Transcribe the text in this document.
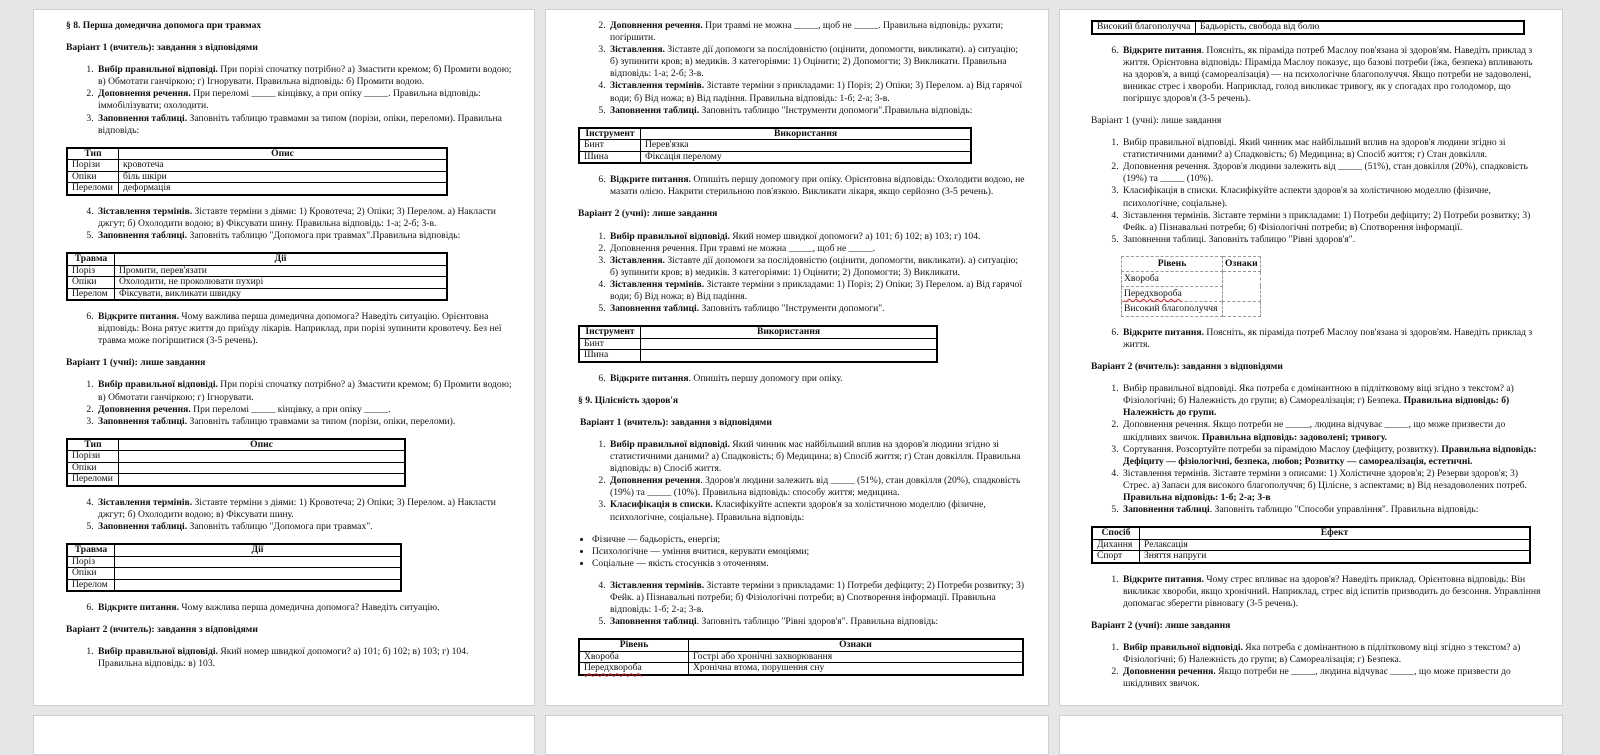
§ 8. Перша домедична допомога при травмах
Варіант 1 (вчитель): завдання з відповідями
1. Вибір правильної відповіді. При порізі спочатку потрібно? а) Змастити кремом; б) Промити водою; в) Обмотати ганчіркою; г) Ігнорувати. Правильна відповідь: б) Промити водою.
2. Доповнення речення. При переломі _____ кінцівку, а при опіку _____. Правильна відповідь: іммобілізувати; охолодити.
3. Заповнення таблиці. Заповніть таблицю травмами за типом (порізи, опіки, переломи). Правильна відповідь:
Тип	Опис
Порізи	кровотеча
Опіки	біль шкіри
Переломи	деформація
4. Зіставлення термінів. Зіставте терміни з діями: 1) Кровотеча; 2) Опіки; 3) Перелом. а) Накласти джгут; б) Охолодити водою; в) Фіксувати шину. Правильна відповідь: 1-а; 2-б; 3-в.
5. Заповнення таблиці. Заповніть таблицю "Допомога при травмах".Правильна відповідь:
Травма	Дії
Поріз	Промити, перев'язати
Опіки	Охолодити, не проколювати пухирі
Перелом	Фіксувати, викликати швидку
6. Відкрите питання. Чому важлива перша домедична допомога? Наведіть ситуацію. Орієнтовна відповідь: Вона рятує життя до приїзду лікарів. Наприклад, при порізі зупинити кровотечу. Без неї травма може погіршитися (3-5 речень).
Варіант 1 (учні): лише завдання
1. Вибір правильної відповіді. При порізі спочатку потрібно? а) Змастити кремом; б) Промити водою; в) Обмотати ганчіркою; г) Ігнорувати.
2. Доповнення речення. При переломі _____ кінцівку, а при опіку _____.
3. Заповнення таблиці. Заповніть таблицю травмами за типом (порізи, опіки, переломи).
Тип	Опис
Порізи	
Опіки	
Переломи	
4. Зіставлення термінів. Зіставте терміни з діями: 1) Кровотеча; 2) Опіки; 3) Перелом. а) Накласти джгут; б) Охолодити водою; в) Фіксувати шину.
5. Заповнення таблиці. Заповніть таблицю "Допомога при травмах".
Травма	Дії
Поріз	
Опіки	
Перелом	
6. Відкрите питання. Чому важлива перша домедична допомога? Наведіть ситуацію.
Варіант 2 (вчитель): завдання з відповідями
1. Вибір правильної відповіді. Який номер швидкої допомоги? а) 101; б) 102; в) 103; г) 104. Правильна відповідь: в) 103.
2. Доповнення речення. При травмі не можна _____, щоб не _____. Правильна відповідь: рухати; погіршити.
3. Зіставлення. Зіставте дії допомоги за послідовністю (оцінити, допомогти, викликати). а) ситуацію; б) зупинити кров; в) медиків. З категоріями: 1) Оцінити; 2) Допомогти; 3) Викликати. Правильна відповідь: 1-а; 2-б; 3-в.
4. Зіставлення термінів. Зіставте терміни з прикладами: 1) Поріз; 2) Опіки; 3) Перелом. а) Від гарячої води; б) Від ножа; в) Від падіння. Правильна відповідь: 1-б; 2-а; 3-в.
5. Заповнення таблиці. Заповніть таблицю "Інструменти допомоги".Правильна відповідь:
Інструмент	Використання
Бинт	Перев'язка
Шина	Фіксація перелому
6. Відкрите питання. Опишіть першу допомогу при опіку. Орієнтовна відповідь: Охолодити водою, не мазати олією. Накрити стерильною пов'язкою. Викликати лікаря, якщо серйозно (3-5 речень).
Варіант 2 (учні): лише завдання
1. Вибір правильної відповіді. Який номер швидкої допомоги? а) 101; б) 102; в) 103; г) 104.
2. Доповнення речення. При травмі не можна _____, щоб не _____.
3. Зіставлення. Зіставте дії допомоги за послідовністю (оцінити, допомогти, викликати). а) ситуацію; б) зупинити кров; в) медиків. З категоріями: 1) Оцінити; 2) Допомогти; 3) Викликати.
4. Зіставлення термінів. Зіставте терміни з прикладами: 1) Поріз; 2) Опіки; 3) Перелом. а) Від гарячої води; б) Від ножа; в) Від падіння.
5. Заповнення таблиці. Заповніть таблицю "Інструменти допомоги".
Інструмент	Використання
Бинт	
Шина	
6. Відкрите питання. Опишіть першу допомогу при опіку.
§ 9. Цілісність здоров'я
Варіант 1 (вчитель): завдання з відповідями
1. Вибір правильної відповіді. Який чинник має найбільший вплив на здоров'я людини згідно зі статистичними даними? а) Спадковість; б) Медицина; в) Спосіб життя; г) Стан довкілля. Правильна відповідь: в) Спосіб життя.
2. Доповнення речення. Здоров'я людини залежить від _____ (51%), стан довкілля (20%), спадковість (19%) та _____ (10%). Правильна відповідь: способу життя; медицина.
3. Класифікація в списки. Класифікуйте аспекти здоров'я за холістичною моделлю (фізичне, психологічне, соціальне). Правильна відповідь:
• Фізичне — бадьорість, енергія;
• Психологічне — уміння вчитися, керувати емоціями;
• Соціальне — якість стосунків з оточенням.
4. Зіставлення термінів. Зіставте терміни з прикладами: 1) Потреби дефіциту; 2) Потреби розвитку; 3) Фейк. а) Пізнавальні потреби; б) Фізіологічні потреби; в) Спотворення інформації. Правильна відповідь: 1-б; 2-а; 3-в.
5. Заповнення таблиці. Заповніть таблицю "Рівні здоров'я". Правильна відповідь:
Рівень	Ознаки
Хвороба	Гострі або хронічні захворювання
Передхвороба	Хронічна втома, порушення сну
Високий благополучча	Бадьорість, свобода від болю
6. Відкрите питання. Поясніть, як піраміда потреб Маслоу пов'язана зі здоров'ям. Наведіть приклад з життя. Орієнтовна відповідь: Піраміда Маслоу показує, що базові потреби (їжа, безпека) впливають на здоров'я, а вищі (самореалізація) — на психологічне благополуччя. Якщо потреби не задоволені, виникає стрес і хвороби. Наприклад, голод викликає тривогу, як у спогадах про голодомор, що погіршує здоров'я (3-5 речень).
Варіант 1 (учні): лише завдання
1. Вибір правильної відповіді. Який чинник має найбільший вплив на здоров'я людини згідно зі статистичними даними? а) Спадковість; б) Медицина; в) Спосіб життя; г) Стан довкілля.
2. Доповнення речення. Здоров'я людини залежить від _____ (51%), стан довкілля (20%), спадковість (19%) та _____ (10%).
3. Класифікація в списки. Класифікуйте аспекти здоров'я за холістичною моделлю (фізичне, психологічне, соціальне).
4. Зіставлення термінів. Зіставте терміни з прикладами: 1) Потреби дефіциту; 2) Потреби розвитку; 3) Фейк. а) Пізнавальні потреби; б) Фізіологічні потреби; в) Спотворення інформації.
5. Заповнення таблиці. Заповніть таблицю "Рівні здоров'я".
Рівень	Ознаки
Хвороба	
Передхвороба	
Високий благополуччя	
6. Відкрите питання. Поясніть, як піраміда потреб Маслоу пов'язана зі здоров'ям. Наведіть приклад з життя.
Варіант 2 (вчитель): завдання з відповідями
1. Вибір правильної відповіді. Яка потреба є домінантною в підлітковому віці згідно з текстом? а) Фізіологічні; б) Належність до групи; в) Самореалізація; г) Безпека. Правильна відповідь: б) Належність до групи.
2. Доповнення речення. Якщо потреби не _____, людина відчуває _____, що може призвести до шкідливих звичок. Правильна відповідь: задоволені; тривогу.
3. Сортування. Розсортуйте потреби за пірамідою Маслоу (дефіциту, розвитку). Правильна відповідь: Дефіциту — фізіологічні, безпека, любов; Розвитку — самореалізація, естетичні.
4. Зіставлення термінів. Зіставте терміни з описами: 1) Холістичне здоров'я; 2) Резерви здоров'я; 3) Стрес. а) Запаси для високого благополуччя; б) Цілісне, з аспектами; в) Від незадоволених потреб. Правильна відповідь: 1-б; 2-а; 3-в
5. Заповнення таблиці. Заповніть таблицю "Способи управління". Правильна відповідь:
Спосіб	Ефект
Дихання	Релаксація
Спорт	Зняття напруги
1. Відкрите питання. Чому стрес впливає на здоров'я? Наведіть приклад. Орієнтовна відповідь: Він викликає хвороби, якщо хронічний. Наприклад, стрес від іспитів призводить до безсоння. Управління допомагає зберегти рівновагу (3-5 речень).
Варіант 2 (учні): лише завдання
1. Вибір правильної відповіді. Яка потреба є домінантною в підлітковому віці згідно з текстом? а) Фізіологічні; б) Належність до групи; в) Самореалізація; г) Безпека.
2. Доповнення речення. Якщо потреби не _____, людина відчуває _____, що може призвести до шкідливих звичок.
